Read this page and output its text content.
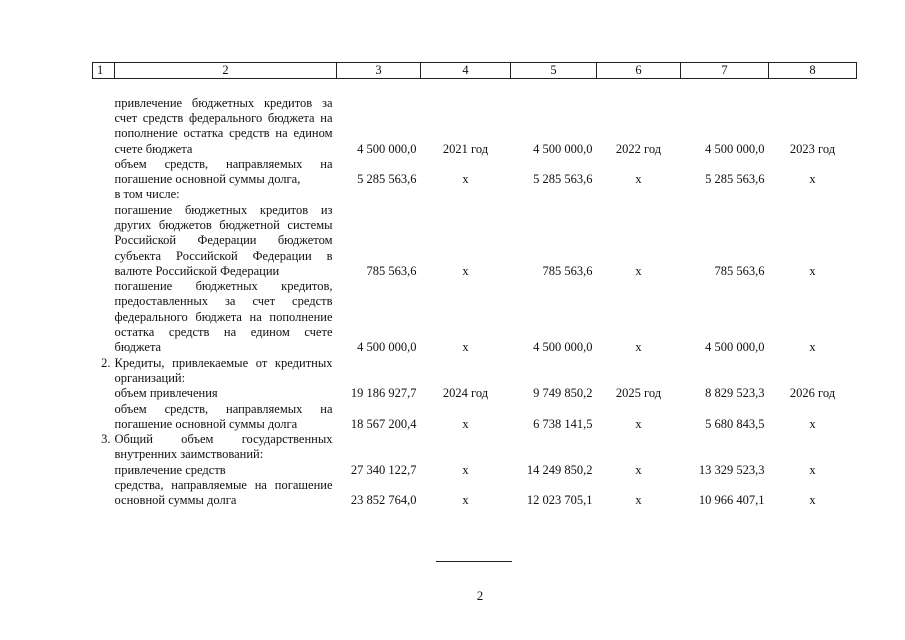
1	2	3	4	5	6	7	8
	привлечение бюджетных кредитов за счет средств федерального бюджета на пополнение остатка средств на едином счете бюджета	4 500 000,0	2021 год	4 500 000,0	2022 год	4 500 000,0	2023 год
	объем средств, направляемых на погашение основной суммы долга,	5 285 563,6	х	5 285 563,6	х	5 285 563,6	х
	в том числе:						
	погашение бюджетных кредитов из других бюджетов бюджетной системы Российской Федерации бюджетом субъекта Российской Федерации в валюте Российской Федерации	785 563,6	х	785 563,6	х	785 563,6	х
	погашение бюджетных кредитов, предоставленных за счет средств федерального бюджета на пополнение остатка средств на едином счете бюджета	4 500 000,0	х	4 500 000,0	х	4 500 000,0	х
2.	Кредиты, привлекаемые от кредитных организаций:						
	объем привлечения	19 186 927,7	2024 год	9 749 850,2	2025 год	8 829 523,3	2026 год
	объем средств, направляемых на погашение основной суммы долга	18 567 200,4	х	6 738 141,5	х	5 680 843,5	х
3.	Общий объем государственных внутренних заимствований:						
	привлечение средств	27 340 122,7	х	14 249 850,2	х	13 329 523,3	х
	средства, направляемые на погашение основной суммы долга	23 852 764,0	х	12 023 705,1	х	10 966 407,1	х
2
